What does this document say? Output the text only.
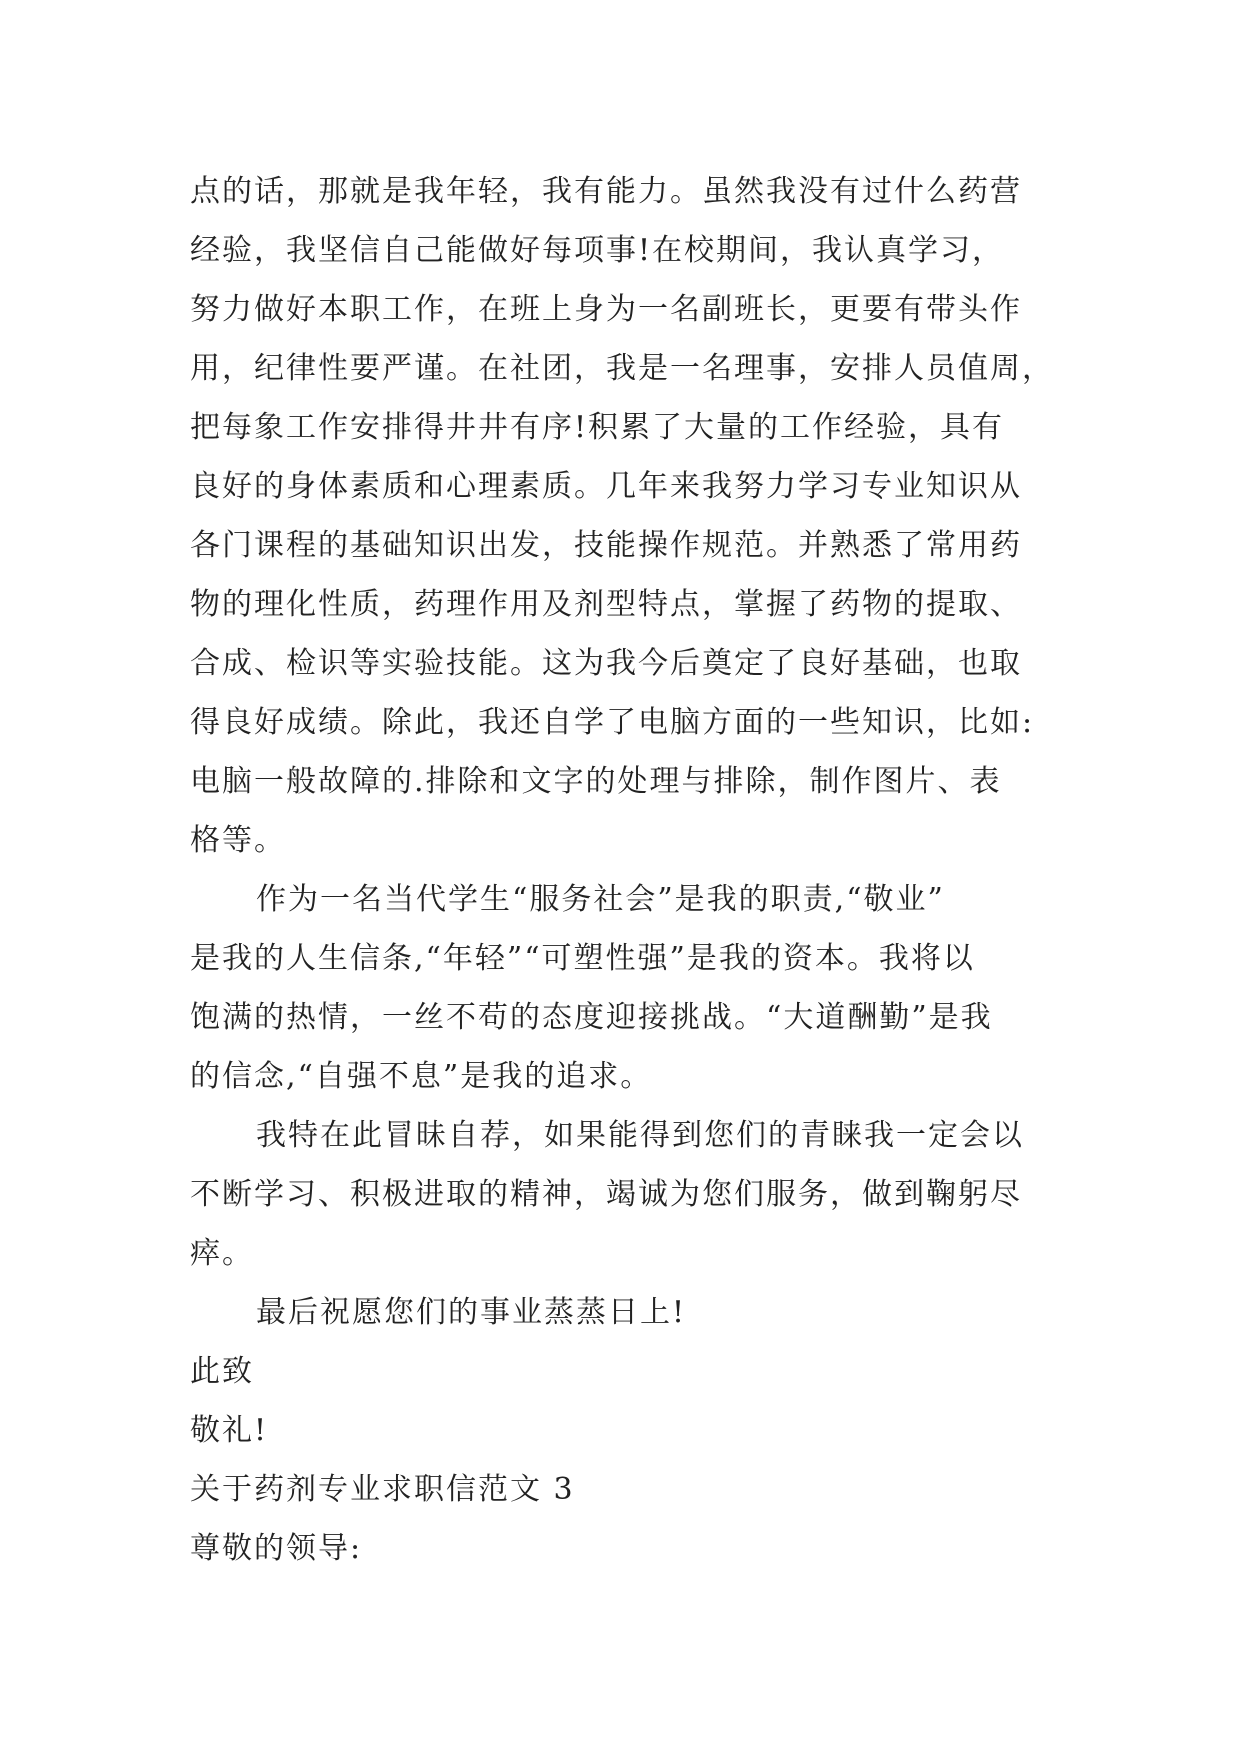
点的话，那就是我年轻，我有能力。虽然我没有过什么药营
经验，我坚信自己能做好每项事!在校期间，我认真学习，
努力做好本职工作，在班上身为一名副班长，更要有带头作
用，纪律性要严谨。在社团，我是一名理事，安排人员值周，
把每象工作安排得井井有序!积累了大量的工作经验，具有
良好的身体素质和心理素质。几年来我努力学习专业知识从
各门课程的基础知识出发，技能操作规范。并熟悉了常用药
物的理化性质，药理作用及剂型特点，掌握了药物的提取、
合成、检识等实验技能。这为我今后奠定了良好基础，也取
得良好成绩。除此，我还自学了电脑方面的一些知识，比如:
电脑一般故障的.排除和文字的处理与排除，制作图片、表
格等。
作为一名当代学生“服务社会”是我的职责,“敬业”
是我的人生信条,“年轻”“可塑性强”是我的资本。我将以
饱满的热情，一丝不苟的态度迎接挑战。“大道酬勤”是我
的信念,“自强不息”是我的追求。
我特在此冒昧自荐，如果能得到您们的青睐我一定会以
不断学习、积极进取的精神，竭诚为您们服务，做到鞠躬尽
瘁。
最后祝愿您们的事业蒸蒸日上!
此致
敬礼!
关于药剂专业求职信范文 3
尊敬的领导:
